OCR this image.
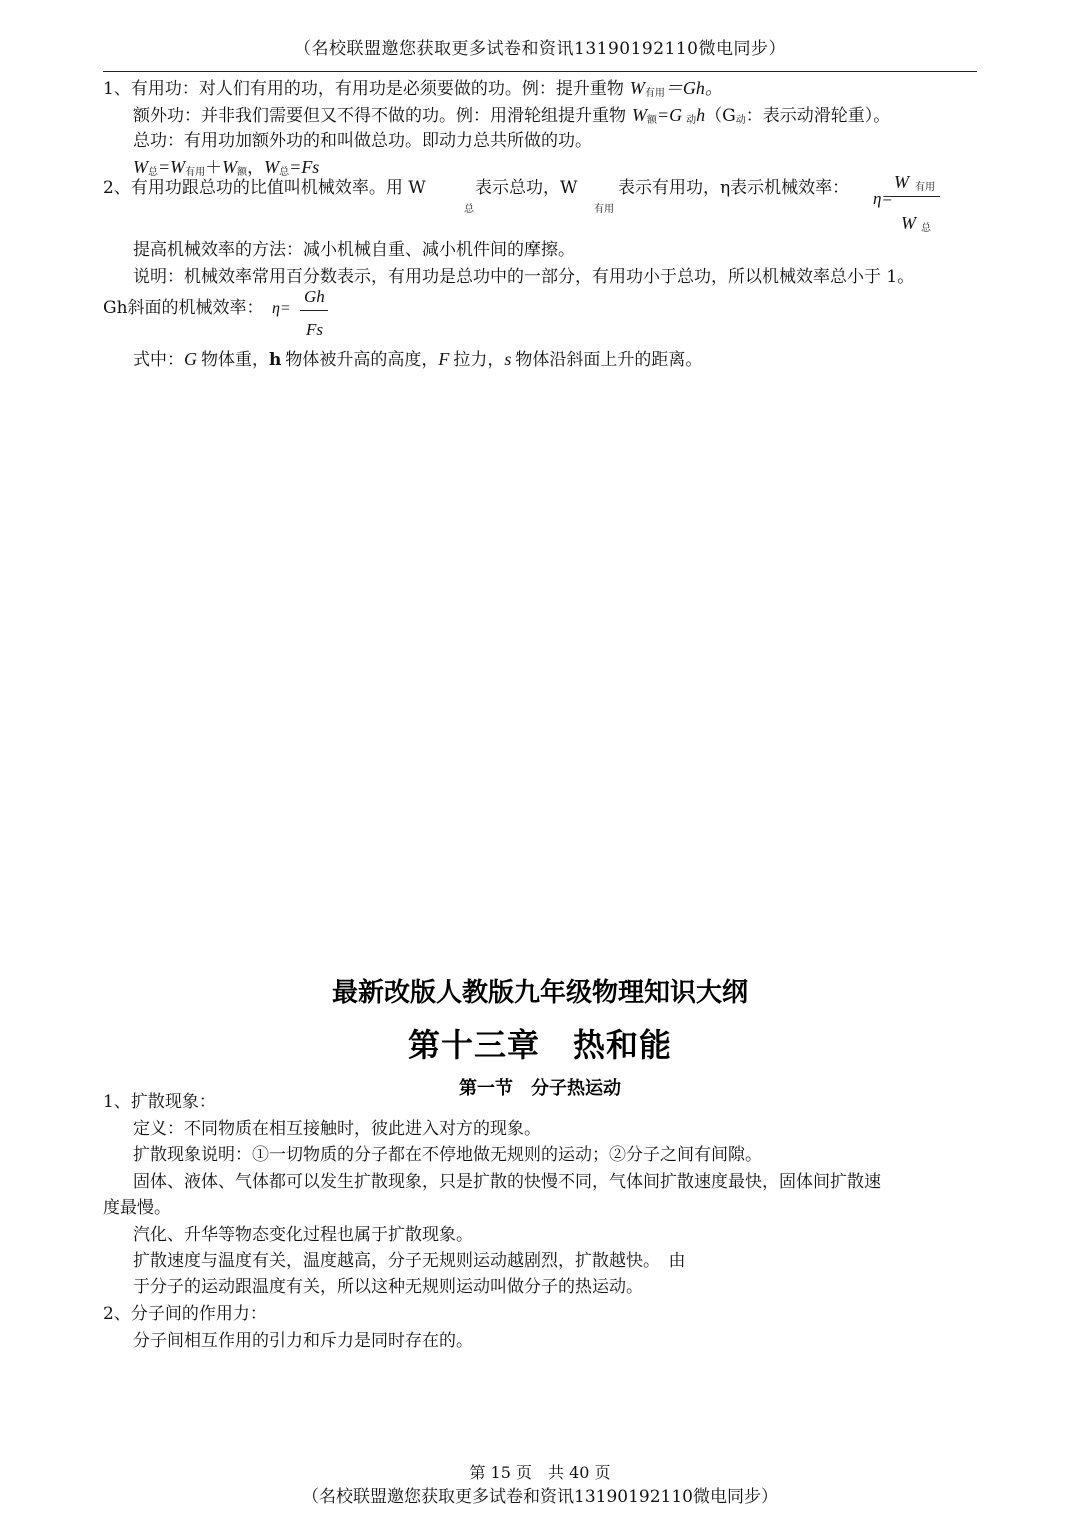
（名校联盟邀您获取更多试卷和资讯13190192110微电同步）
1、有用功：对人们有用的功，有用功是必须要做的功。例：提升重物 $W_{有用}=Gh$。
额外功：并非我们需要但又不得不做的功。例：用滑轮组提升重物 $W_额=G$ $_动h(G_动$：表示动滑轮重）。
总功：有用功加额外功的和叫做总功。即动力总共所做的功。
$W_总=W_{有用}+W_额$，$W_总=Fs$
2、有用功跟总功的比值叫机械效率。用 W
总
表示总功，W
有用
表示有用功，η表示机械效率：
η=
W $_{有用}$
W $_总$
提高机械效率的方法：减小机械自重、减小机件间的摩擦。
说明：机械效率常用百分数表示，有用功是总功中的一部分，有用功小于总功，所以机械效率总小于 1。
Gh斜面的机械效率： η=
Gh
Fs
式中：G 物体重，h 物体被升高的高度，F 拉力，s 物体沿斜面上升的距离。
最新改版人教版九年级物理知识大纲
第十三章　热和能
第一节　分子热运动
1、扩散现象：
定义：不同物质在相互接触时，彼此进入对方的现象。
扩散现象说明：①一切物质的分子都在不停地做无规则的运动；②分子之间有间隙。
固体、液体、气体都可以发生扩散现象，只是扩散的快慢不同，气体间扩散速度最快，固体间扩散速
度最慢。
汽化、升华等物态变化过程也属于扩散现象。
扩散速度与温度有关，温度越高，分子无规则运动越剧烈，扩散越快。　由
于分子的运动跟温度有关，所以这种无规则运动叫做分子的热运动。
2、分子间的作用力：
分子间相互作用的引力和斥力是同时存在的。
第 15 页　共 40 页
（名校联盟邀您获取更多试卷和资讯13190192110微电同步）
